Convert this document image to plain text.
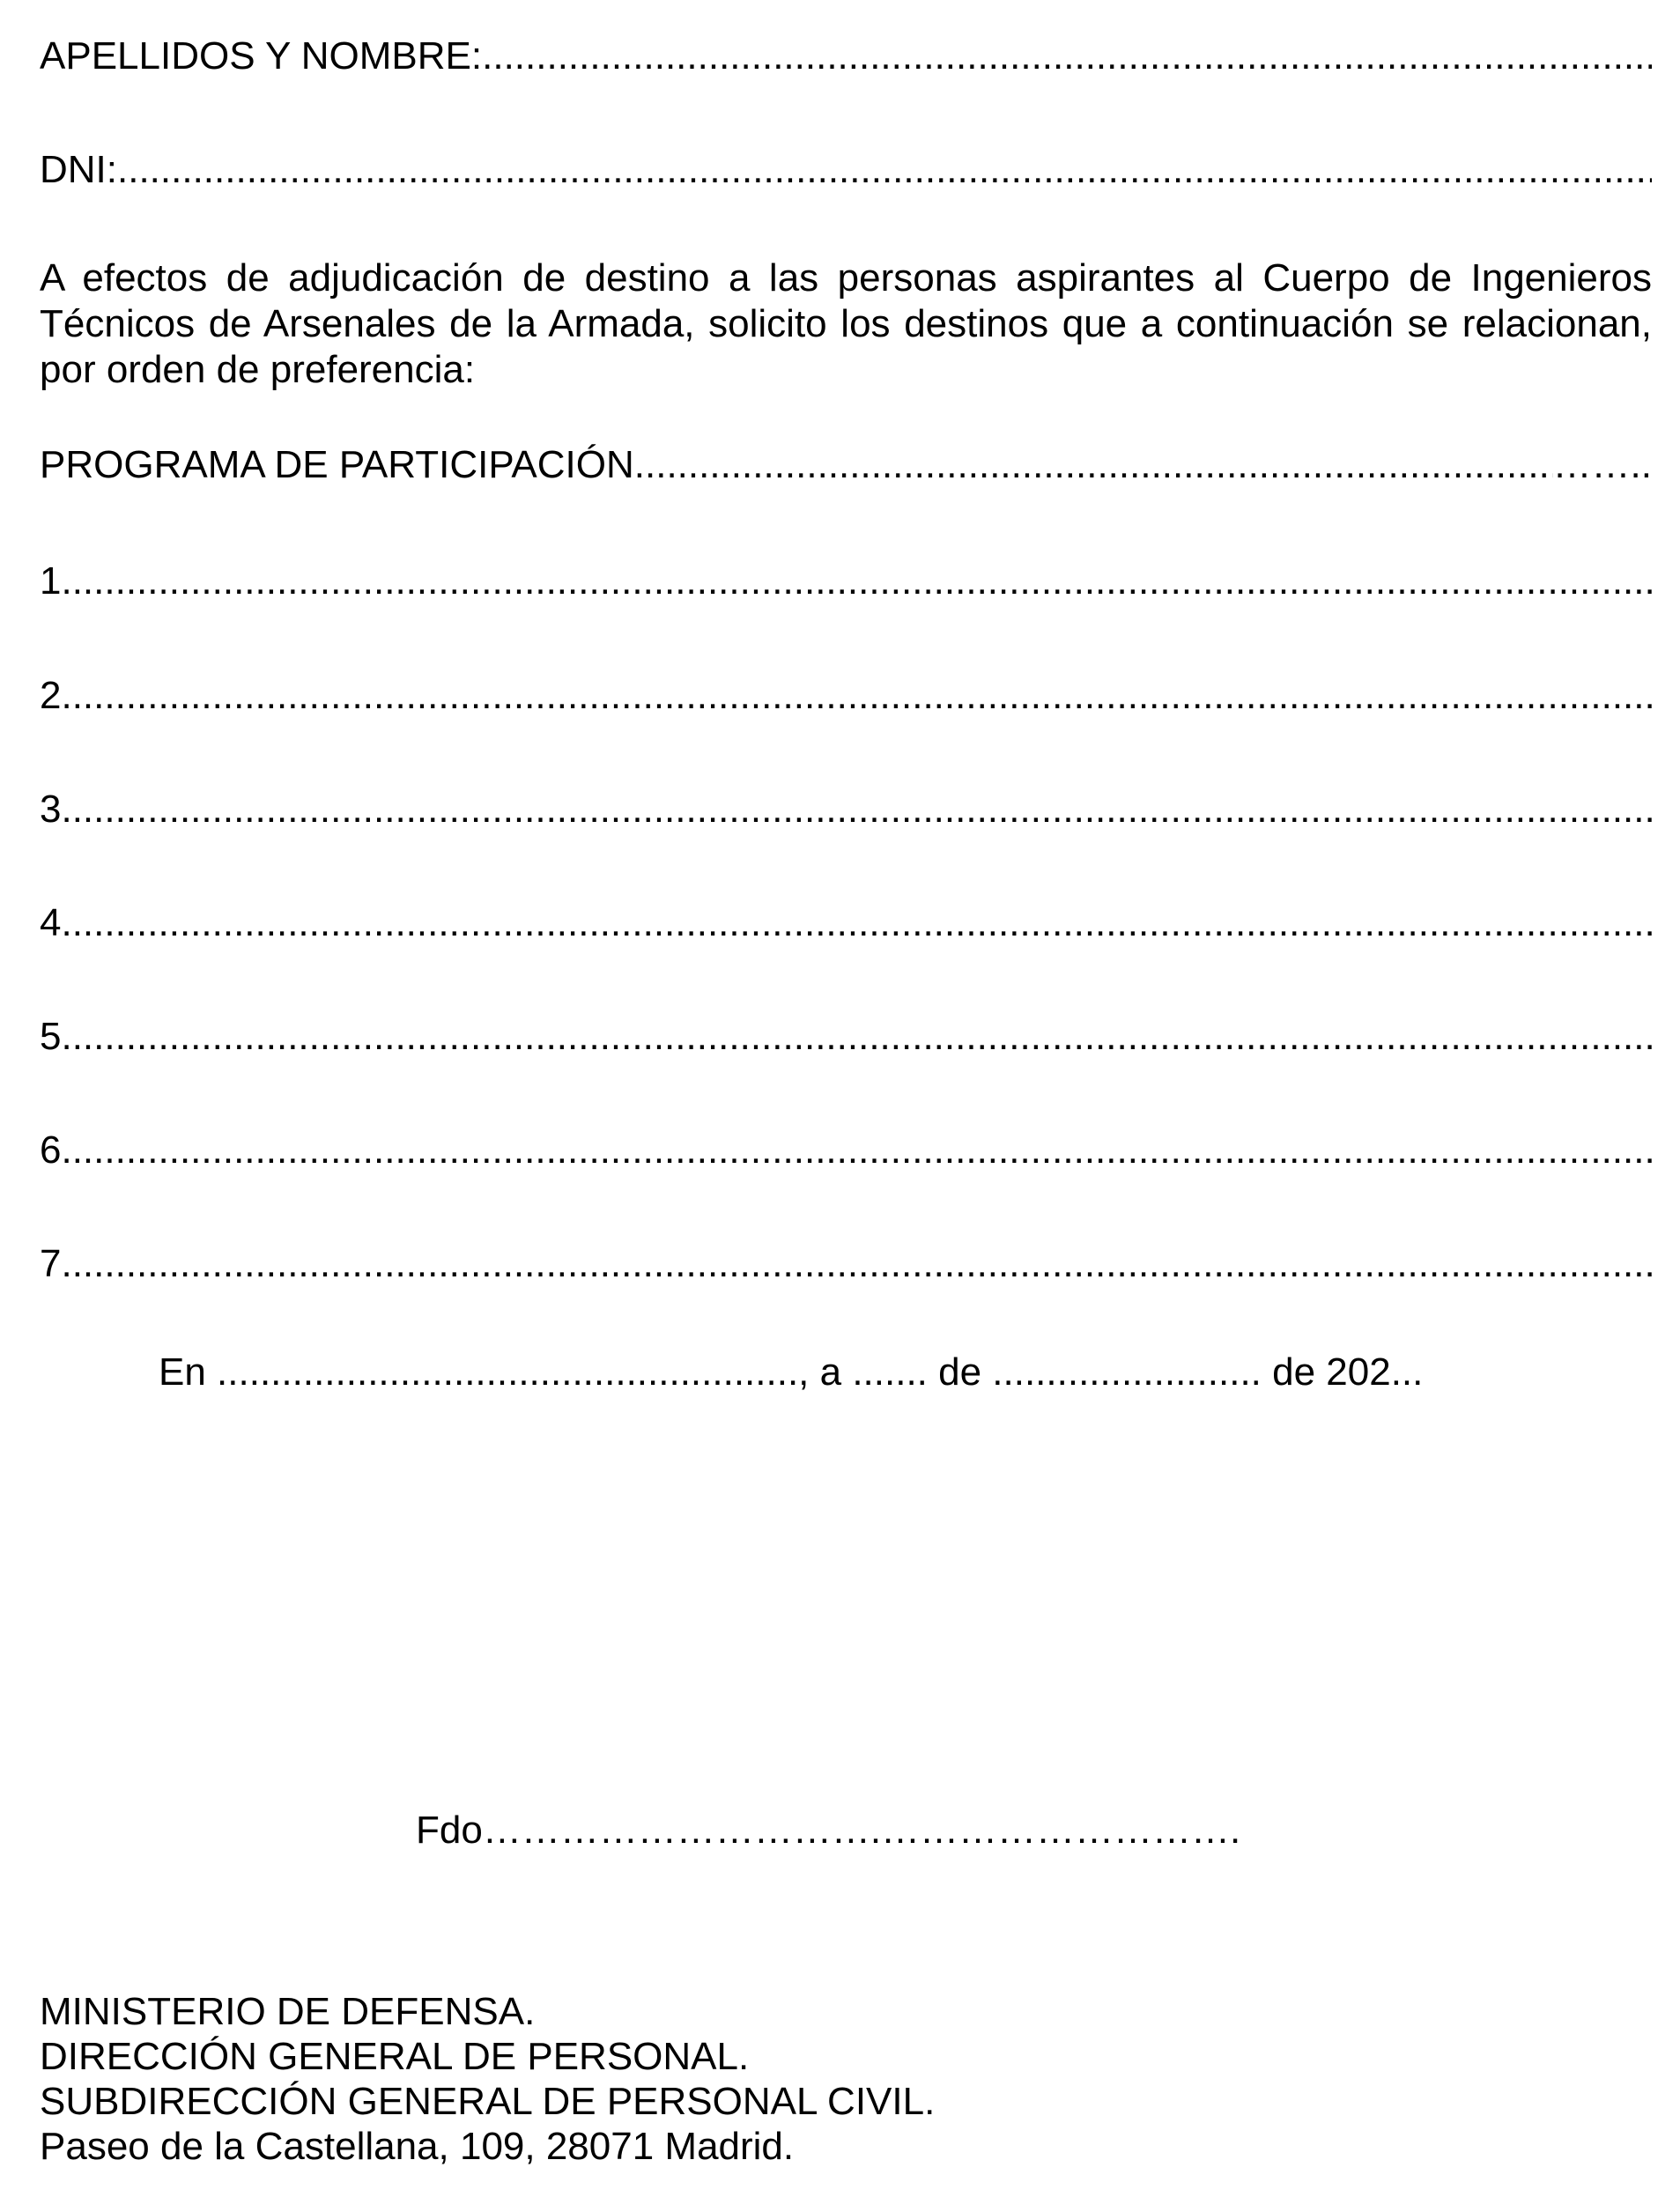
APELLIDOS Y NOMBRE:
.....
DNI:
.....
A efectos de adjudicación de destino a las personas aspirantes al Cuerpo de Ingenieros
Técnicos de Arsenales de la Armada, solicito los destinos que a continuación se relacionan,
por orden de preferencia:
PROGRAMA DE PARTICIPACIÓN .....	……..
1.
.....
2.
.....
3.
.....
4.
.....
5.
.....
6.
.....
7.
.....
En ......................................................, a ....... de ......................... de 202...
Fdo………………………….……………………….
MINISTERIO DE DEFENSA.
DIRECCIÓN GENERAL DE PERSONAL.
SUBDIRECCIÓN GENERAL DE PERSONAL CIVIL.
Paseo de la Castellana, 109, 28071 Madrid.
